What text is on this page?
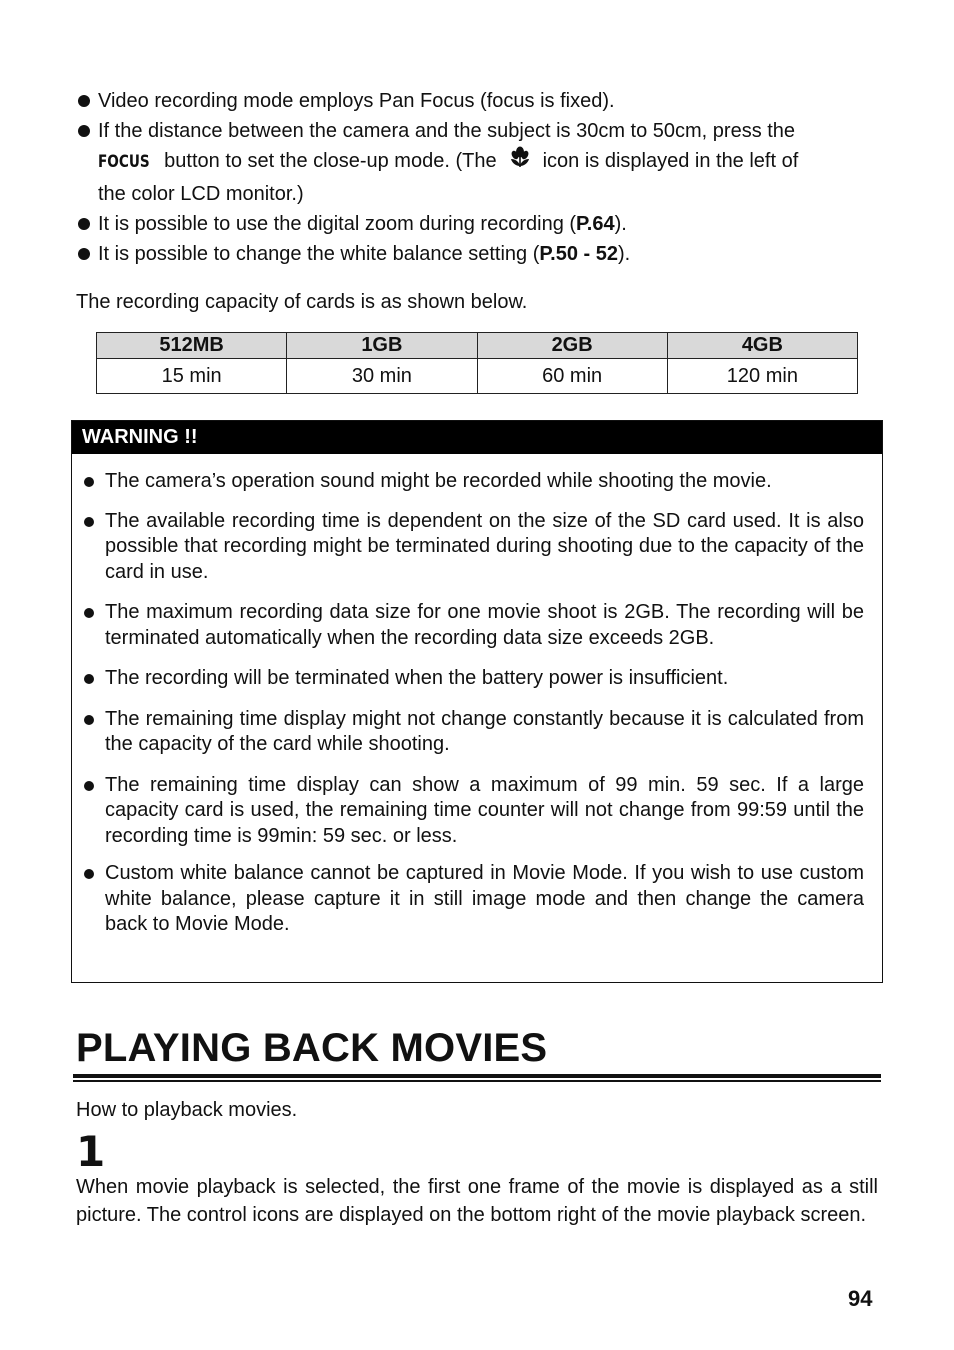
Video recording mode employs Pan Focus (focus is fixed).
If the distance between the camera and the subject is 30cm to 50cm, press the
FOCUS button to set the close-up mode. (The icon is displayed in the left of
the color LCD monitor.)
It is possible to use the digital zoom during recording (P.64).
It is possible to change the white balance setting (P.50 - 52).
The recording capacity of cards is as shown below.
512MB	1GB	2GB	4GB
15 min	30 min	60 min	120 min
WARNING !!
The camera’s operation sound might be recorded while shooting the movie.
The available recording time is dependent on the size of the SD card used. It is also possible that recording might be terminated during shooting due to the capacity of the card in use.
The maximum recording data size for one movie shoot is 2GB. The recording will be terminated automatically when the recording data size exceeds 2GB.
The recording will be terminated when the battery power is insufficient.
The remaining time display might not change constantly because it is calculated from the capacity of the card while shooting.
The remaining time display can show a maximum of 99 min. 59 sec. If a large capacity card is used, the remaining time counter will not change from 99:59 until the recording time is 99min: 59 sec. or less.
Custom white balance cannot be captured in Movie Mode. If you wish to use custom white balance, please capture it in still image mode and then change the camera back to Movie Mode.
PLAYING BACK MOVIES
How to playback movies.
1
When movie playback is selected, the first one frame of the movie is displayed as a still picture. The control icons are displayed on the bottom right of the movie playback screen.
94
